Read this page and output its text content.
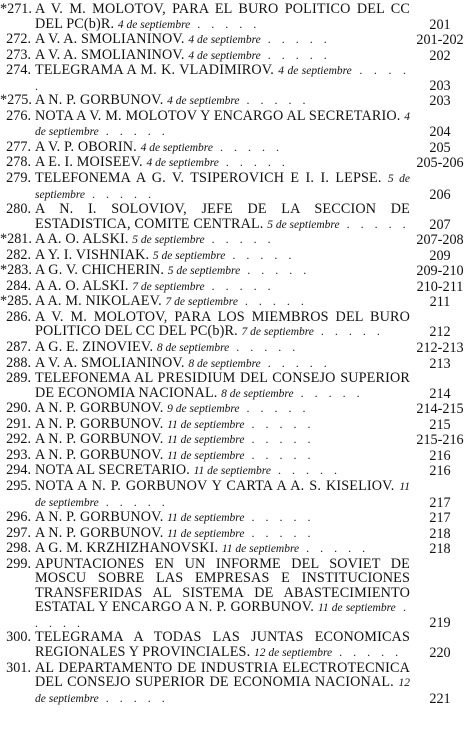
*271. A V. M. MOLOTOV, PARA EL BURO POLITICO DEL CC DEL PC(b)R. 4 de septiembre . . . . .	201
272. A V. A. SMOLIANINOV. 4 de septiembre . . . . .	201-202
273. A V. A. SMOLIANINOV. 4 de septiembre . . . . .	202
274. TELEGRAMA A M. K. VLADIMIROV. 4 de septiembre . . . . .	203
*275. A N. P. GORBUNOV. 4 de septiembre . . . . .	203
276. NOTA A V. M. MOLOTOV Y ENCARGO AL SECRETARIO. 4 de septiembre . . . . .	204
277. A V. P. OBORIN. 4 de septiembre . . . . .	205
278. A E. I. MOISEEV. 4 de septiembre . . . . .	205-206
279. TELEFONEMA A G. V. TSIPEROVICH E I. I. LEPSE. 5 de septiembre . . . . .	206
280. A N. I. SOLOVIOV, JEFE DE LA SECCION DE ESTADISTICA, COMITE CENTRAL. 5 de septiembre . . . . .	207
*281. A A. O. ALSKI. 5 de septiembre . . . . .	207-208
282. A Y. I. VISHNIAK. 5 de septiembre . . . . .	209
*283. A G. V. CHICHERIN. 5 de septiembre . . . . .	209-210
284. A A. O. ALSKI. 7 de septiembre . . . . .	210-211
*285. A A. M. NIKOLAEV. 7 de septiembre . . . . .	211
286. A V. M. MOLOTOV, PARA LOS MIEMBROS DEL BURO POLITICO DEL CC DEL PC(b)R. 7 de septiembre . . . . .	212
287. A G. E. ZINOVIEV. 8 de septiembre . . . . .	212-213
288. A V. A. SMOLIANINOV. 8 de septiembre . . . . .	213
289. TELEFONEMA AL PRESIDIUM DEL CONSEJO SUPERIOR DE ECONOMIA NACIONAL. 8 de septiembre . . . . .	214
290. A N. P. GORBUNOV. 9 de septiembre . . . . .	214-215
291. A N. P. GORBUNOV. 11 de septiembre . . . . .	215
292. A N. P. GORBUNOV. 11 de septiembre . . . . .	215-216
293. A N. P. GORBUNOV. 11 de septiembre . . . . .	216
294. NOTA AL SECRETARIO. 11 de septiembre . . . . .	216
295. NOTA A N. P. GORBUNOV Y CARTA A A. S. KISELIOV. 11 de septiembre . . . . .	217
296. A N. P. GORBUNOV. 11 de septiembre . . . . .	217
297. A N. P. GORBUNOV. 11 de septiembre . . . . .	218
298. A G. M. KRZHIZHANOVSKI. 11 de septiembre . . . . .	218
299. APUNTACIONES EN UN INFORME DEL SOVIET DE MOSCU SOBRE LAS EMPRESAS E INSTITUCIONES TRANSFERIDAS AL SISTEMA DE ABASTECIMIENTO ESTATAL Y ENCARGO A N. P. GORBUNOV. 11 de septiembre . . . . .	219
300. TELEGRAMA A TODAS LAS JUNTAS ECONOMICAS REGIONALES Y PROVINCIALES. 12 de septiembre . . . . .	220
301. AL DEPARTAMENTO DE INDUSTRIA ELECTROTECNICA DEL CONSEJO SUPERIOR DE ECONOMIA NACIONAL. 12 de septiembre . . . . .	221
